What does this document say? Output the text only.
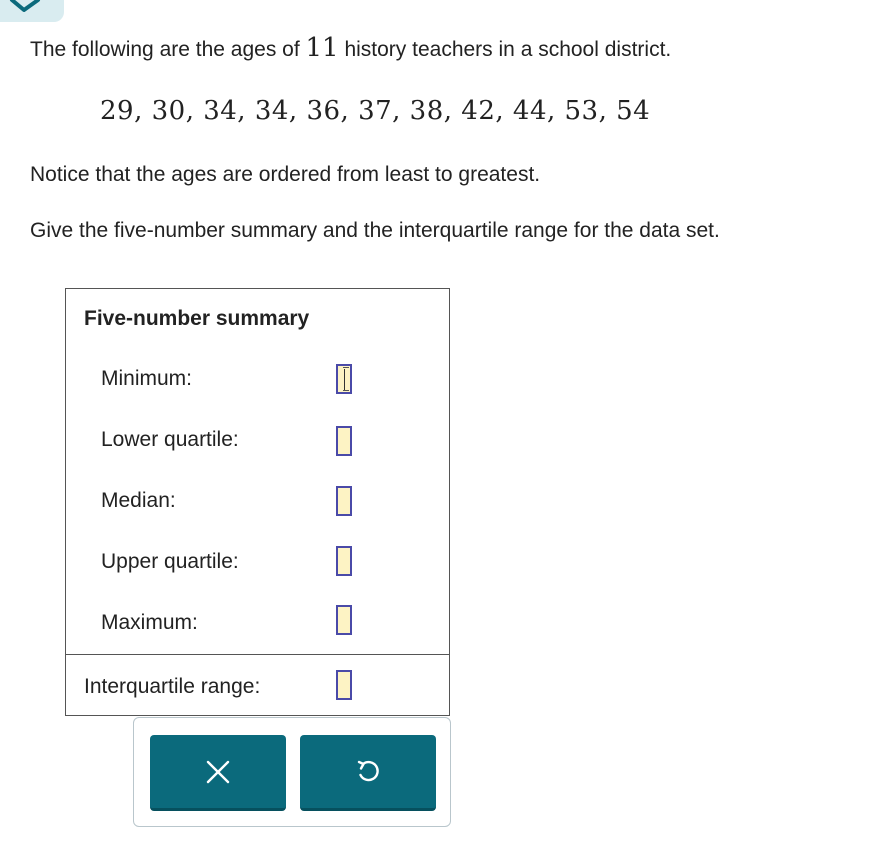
The following are the ages of 11 history teachers in a school district.
29, 30, 34, 34, 36, 37, 38, 42, 44, 53, 54
Notice that the ages are ordered from least to greatest.
Give the five-number summary and the interquartile range for the data set.
Five-number summary
Minimum:
Lower quartile:
Median:
Upper quartile:
Maximum:
Interquartile range:
